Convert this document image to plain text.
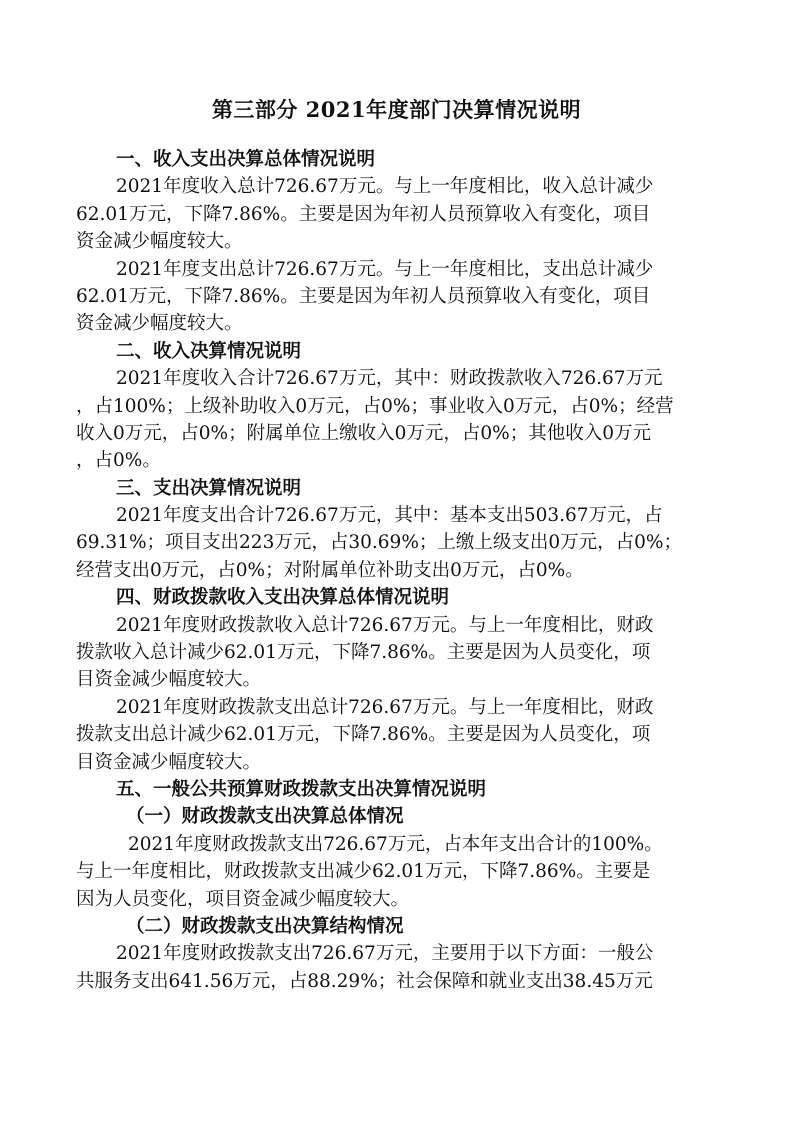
第三部分 2021年度部门决算情况说明
一、收入支出决算总体情况说明
2021年度收入总计726.67万元。与上一年度相比，收入总计减少
62.01万元，下降7.86%。主要是因为年初人员预算收入有变化，项目
资金减少幅度较大。
2021年度支出总计726.67万元。与上一年度相比，支出总计减少
62.01万元，下降7.86%。主要是因为年初人员预算收入有变化，项目
资金减少幅度较大。
二、收入决算情况说明
2021年度收入合计726.67万元，其中：财政拨款收入726.67万元
，占100%；上级补助收入0万元，占0%；事业收入0万元，占0%；经营
收入0万元，占0%；附属单位上缴收入0万元，占0%；其他收入0万元
，占0%。
三、支出决算情况说明
2021年度支出合计726.67万元，其中：基本支出503.67万元，占
69.31%；项目支出223万元，占30.69%；上缴上级支出0万元，占0%；
经营支出0万元，占0%；对附属单位补助支出0万元，占0%。
四、财政拨款收入支出决算总体情况说明
2021年度财政拨款收入总计726.67万元。与上一年度相比，财政
拨款收入总计减少62.01万元，下降7.86%。主要是因为人员变化，项
目资金减少幅度较大。
2021年度财政拨款支出总计726.67万元。与上一年度相比，财政
拨款支出总计减少62.01万元，下降7.86%。主要是因为人员变化，项
目资金减少幅度较大。
五、一般公共预算财政拨款支出决算情况说明
（一）财政拨款支出决算总体情况
2021年度财政拨款支出726.67万元，占本年支出合计的100%。
与上一年度相比，财政拨款支出减少62.01万元，下降7.86%。主要是
因为人员变化，项目资金减少幅度较大。
（二）财政拨款支出决算结构情况
2021年度财政拨款支出726.67万元，主要用于以下方面：一般公
共服务支出641.56万元，占88.29%；社会保障和就业支出38.45万元
